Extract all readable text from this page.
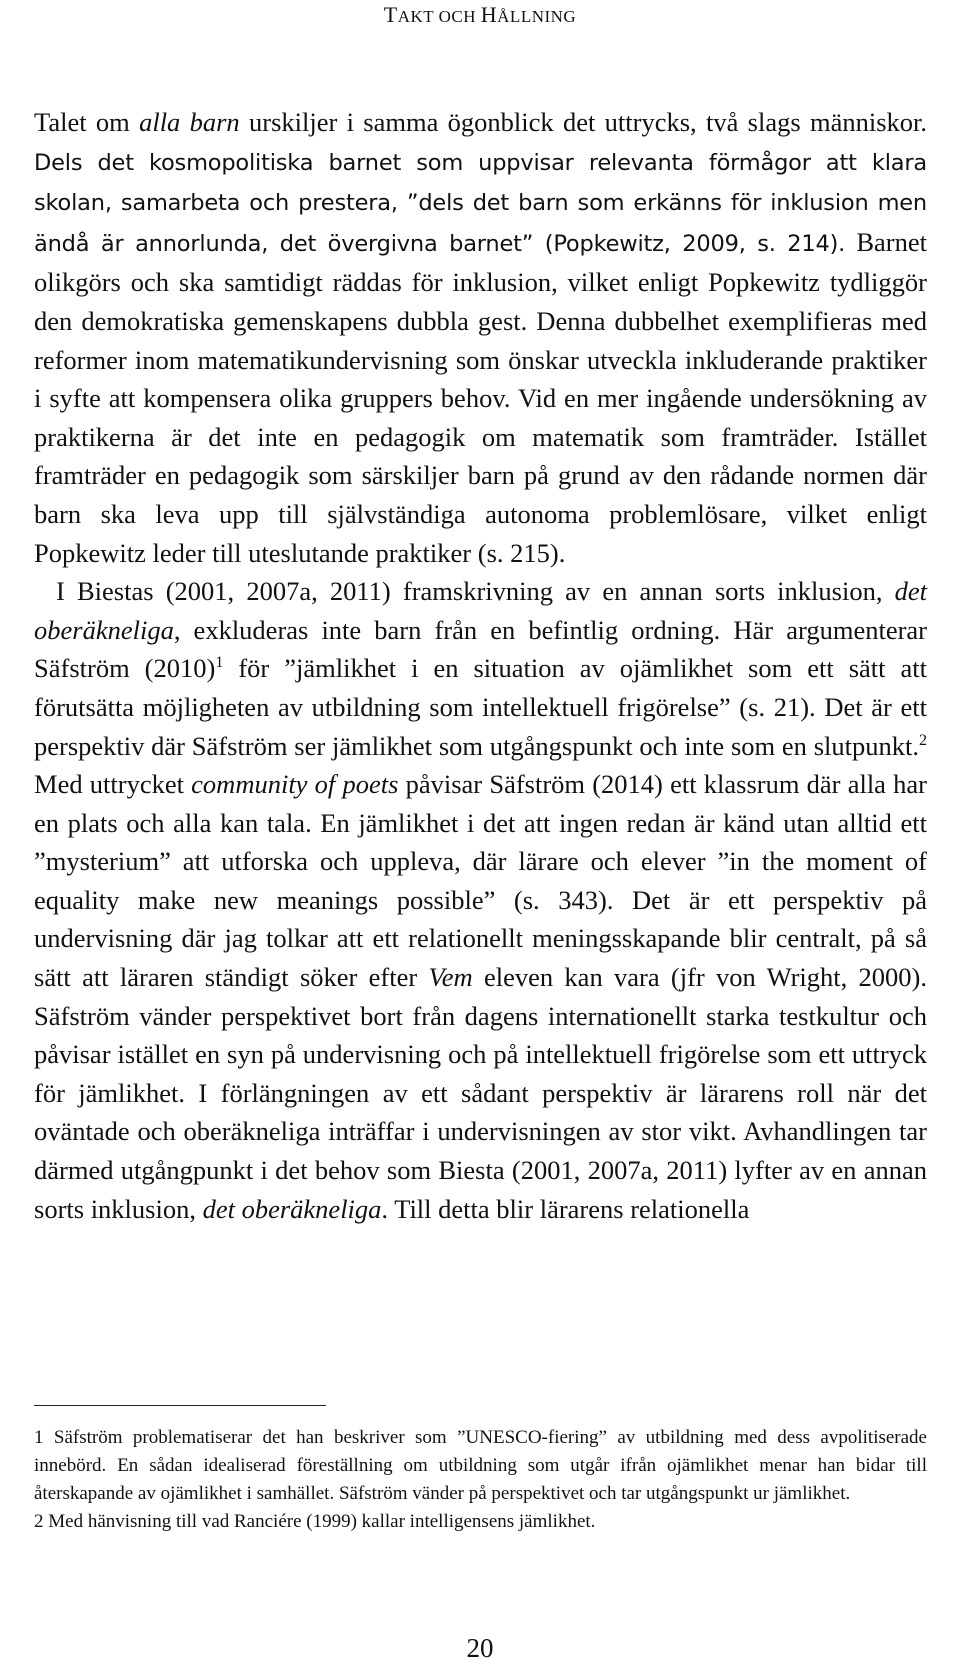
TAKT OCH HÅLLNING

Talet om alla barn urskiljer i samma ögonblick det uttrycks, två slags människor. Dels det kosmopolitiska barnet som uppvisar relevanta förmågor att klara skolan, samarbeta och prestera, ”dels det barn som erkänns för inklusion men ändå är annorlunda, det övergivna barnet” (Popkewitz, 2009, s. 214). Barnet olikgörs och ska samtidigt räddas för inklusion, vilket enligt Popkewitz tydliggör den demokratiska gemenskapens dubbla gest. Denna dubbelhet exemplifieras med reformer inom matematikundervisning som önskar utveckla inkluderande praktiker i syfte att kompensera olika gruppers behov. Vid en mer ingående undersökning av praktikerna är det inte en pedagogik om matematik som framträder. Istället framträder en pedagogik som särskiljer barn på grund av den rådande normen där barn ska leva upp till självständiga autonoma problemlösare, vilket enligt Popkewitz leder till uteslutande praktiker (s. 215).

I Biestas (2001, 2007a, 2011) framskrivning av en annan sorts inklusion, det oberäkneliga, exkluderas inte barn från en befintlig ordning. Här argumenterar Säfström $(2010)^1$ för ”jämlikhet i en situation av ojämlikhet som ett sätt att förutsätta möjligheten av utbildning som intellektuell frigörelse” (s. 21). Det är ett perspektiv där Säfström ser jämlikhet som utgångspunkt och inte som en slutpunkt.$^2$ Med uttrycket community of poets påvisar Säfström (2014) ett klassrum där alla har en plats och alla kan tala. En jämlikhet i det att ingen redan är känd utan alltid ett ”mysterium” att utforska och uppleva, där lärare och elever ”in the moment of equality make new meanings possible” (s. 343). Det är ett perspektiv på undervisning där jag tolkar att ett relationellt meningsskapande blir centralt, på så sätt att läraren ständigt söker efter Vem eleven kan vara (jfr von Wright, 2000). Säfström vänder perspektivet bort från dagens internationellt starka testkultur och påvisar istället en syn på undervisning och på intellektuell frigörelse som ett uttryck för jämlikhet. I förlängningen av ett sådant perspektiv är lärarens roll när det oväntade och oberäkneliga inträffar i undervisningen av stor vikt. Avhandlingen tar därmed utgångpunkt i det behov som Biesta (2001, 2007a, 2011) lyfter av en annan sorts inklusion, det oberäkneliga. Till detta blir lärarens relationella

1 Säfström problematiserar det han beskriver som ”UNESCO-fiering” av utbildning med dess avpolitiserade innebörd. En sådan idealiserad föreställning om utbildning som utgår ifrån ojämlikhet menar han bidar till återskapande av ojämlikhet i samhället. Säfström vänder på perspektivet och tar utgångspunkt ur jämlikhet.

2 Med hänvisning till vad Ranciére (1999) kallar intelligensens jämlikhet.

20
